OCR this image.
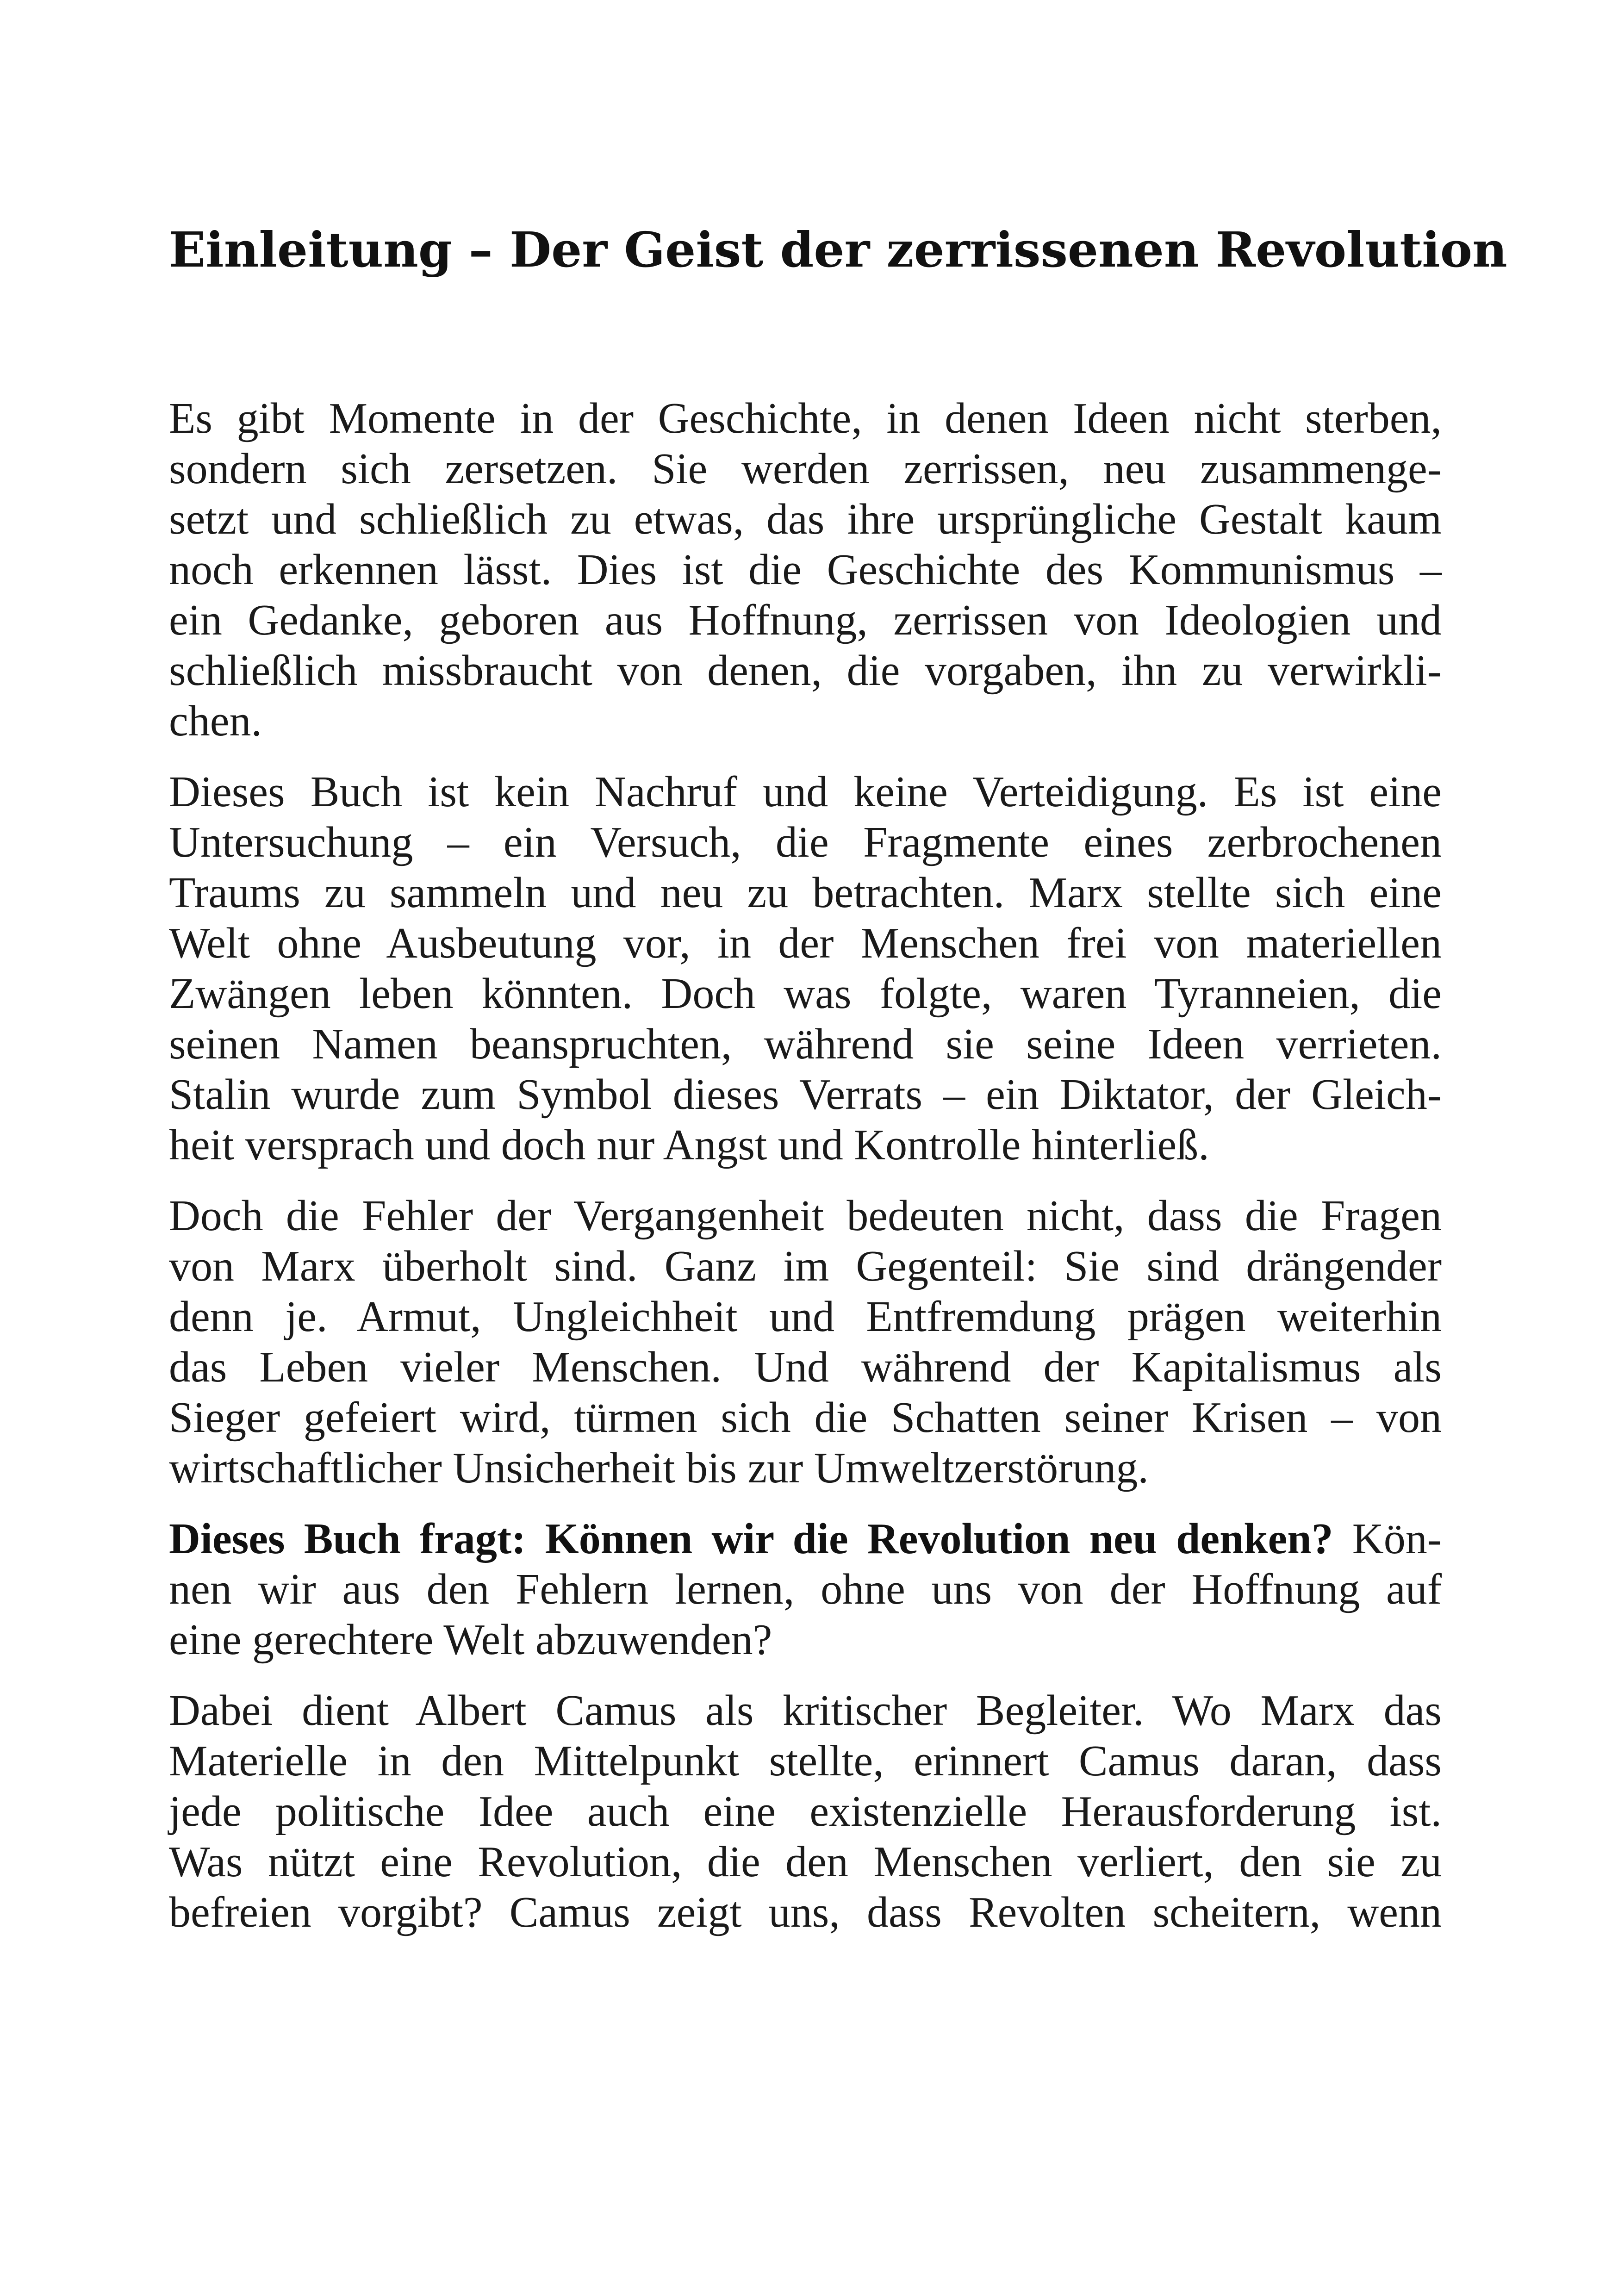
Einleitung – Der Geist der zerrissenen Revolution

Es gibt Momente in der Geschichte, in denen Ideen nicht sterben,
sondern sich zersetzen. Sie werden zerrissen, neu zusammenge-
setzt und schließlich zu etwas, das ihre ursprüngliche Gestalt kaum
noch erkennen lässt. Dies ist die Geschichte des Kommunismus –
ein Gedanke, geboren aus Hoffnung, zerrissen von Ideologien und
schließlich missbraucht von denen, die vorgaben, ihn zu verwirkli-
chen.

Dieses Buch ist kein Nachruf und keine Verteidigung. Es ist eine
Untersuchung – ein Versuch, die Fragmente eines zerbrochenen
Traums zu sammeln und neu zu betrachten. Marx stellte sich eine
Welt ohne Ausbeutung vor, in der Menschen frei von materiellen
Zwängen leben könnten. Doch was folgte, waren Tyranneien, die
seinen Namen beanspruchten, während sie seine Ideen verrieten.
Stalin wurde zum Symbol dieses Verrats – ein Diktator, der Gleich-
heit versprach und doch nur Angst und Kontrolle hinterließ.

Doch die Fehler der Vergangenheit bedeuten nicht, dass die Fragen
von Marx überholt sind. Ganz im Gegenteil: Sie sind drängender
denn je. Armut, Ungleichheit und Entfremdung prägen weiterhin
das Leben vieler Menschen. Und während der Kapitalismus als
Sieger gefeiert wird, türmen sich die Schatten seiner Krisen – von
wirtschaftlicher Unsicherheit bis zur Umweltzerstörung.

Dieses Buch fragt: Können wir die Revolution neu denken? Kön-
nen wir aus den Fehlern lernen, ohne uns von der Hoffnung auf
eine gerechtere Welt abzuwenden?

Dabei dient Albert Camus als kritischer Begleiter. Wo Marx das
Materielle in den Mittelpunkt stellte, erinnert Camus daran, dass
jede politische Idee auch eine existenzielle Herausforderung ist.
Was nützt eine Revolution, die den Menschen verliert, den sie zu
befreien vorgibt? Camus zeigt uns, dass Revolten scheitern, wenn
